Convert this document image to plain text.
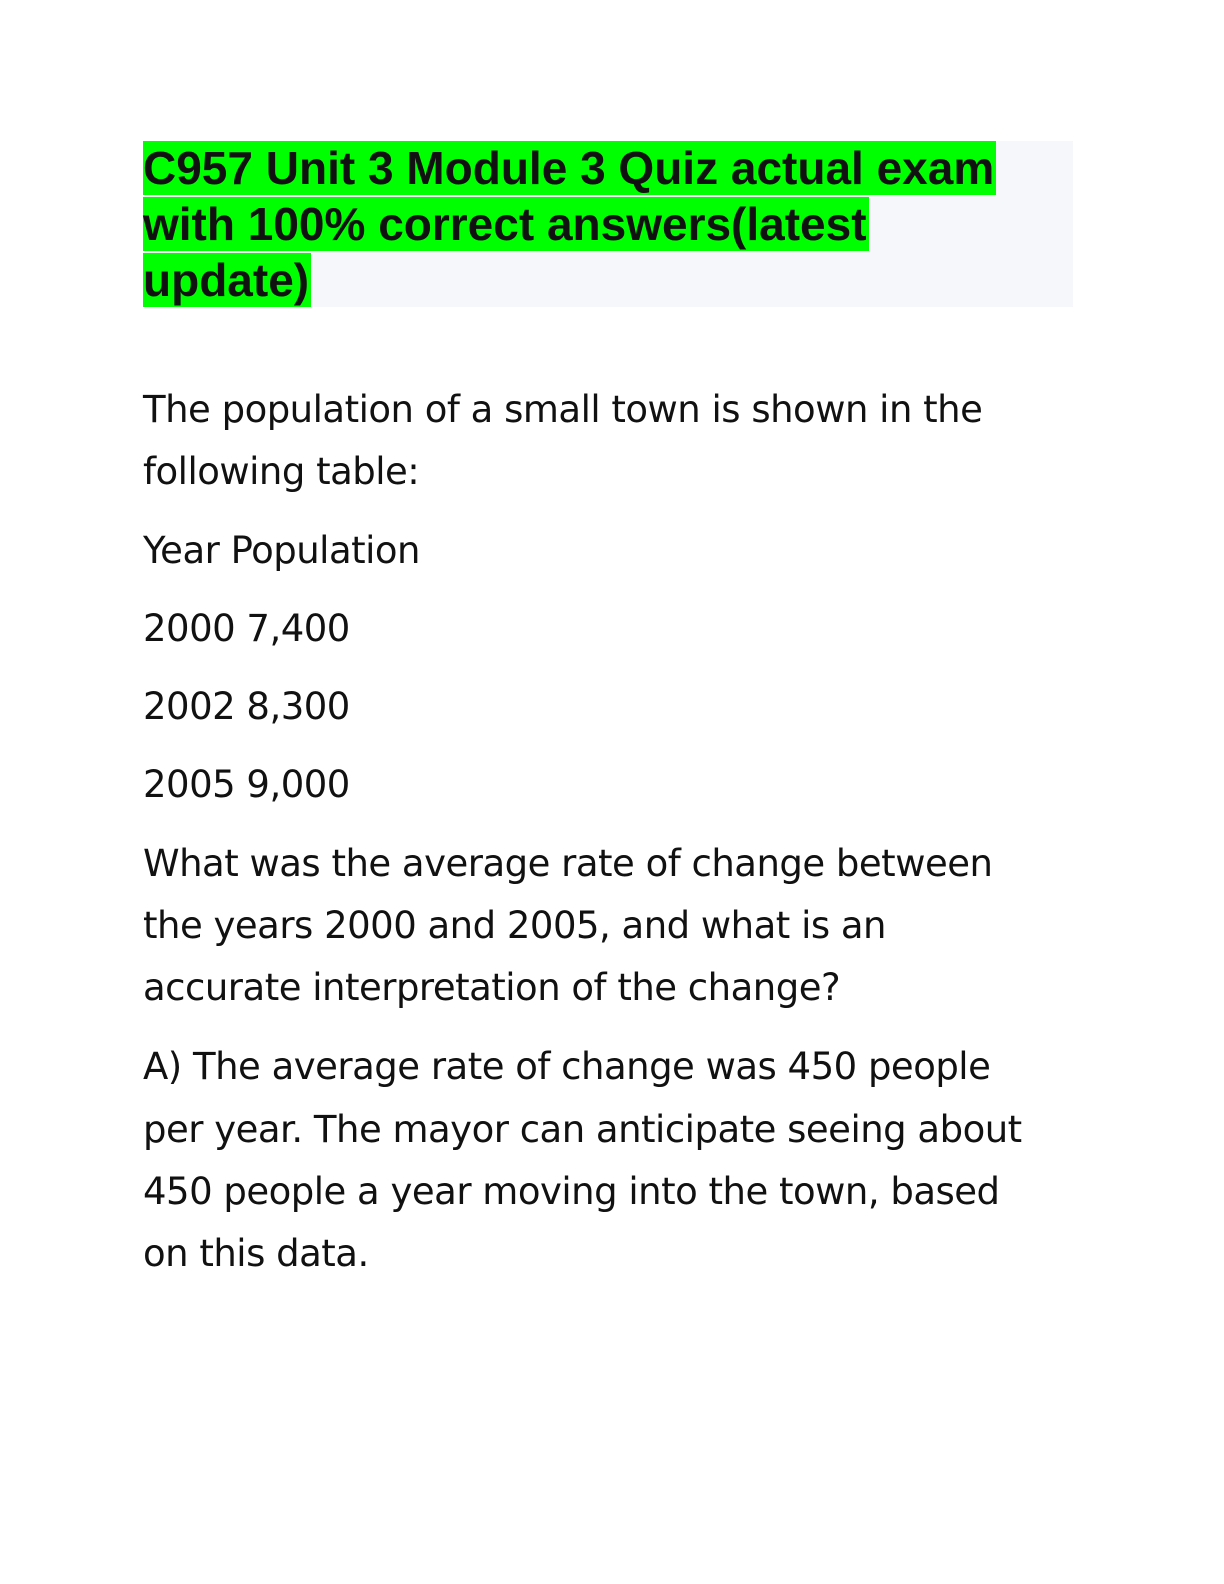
C957 Unit 3 Module 3 Quiz actual exam
with 100% correct answers(latest
update)
The population of a small town is shown in the
following table:
Year Population
2000 7,400
2002 8,300
2005 9,000
What was the average rate of change between
the years 2000 and 2005, and what is an
accurate interpretation of the change?
A) The average rate of change was 450 people
per year. The mayor can anticipate seeing about
450 people a year moving into the town, based
on this data.
